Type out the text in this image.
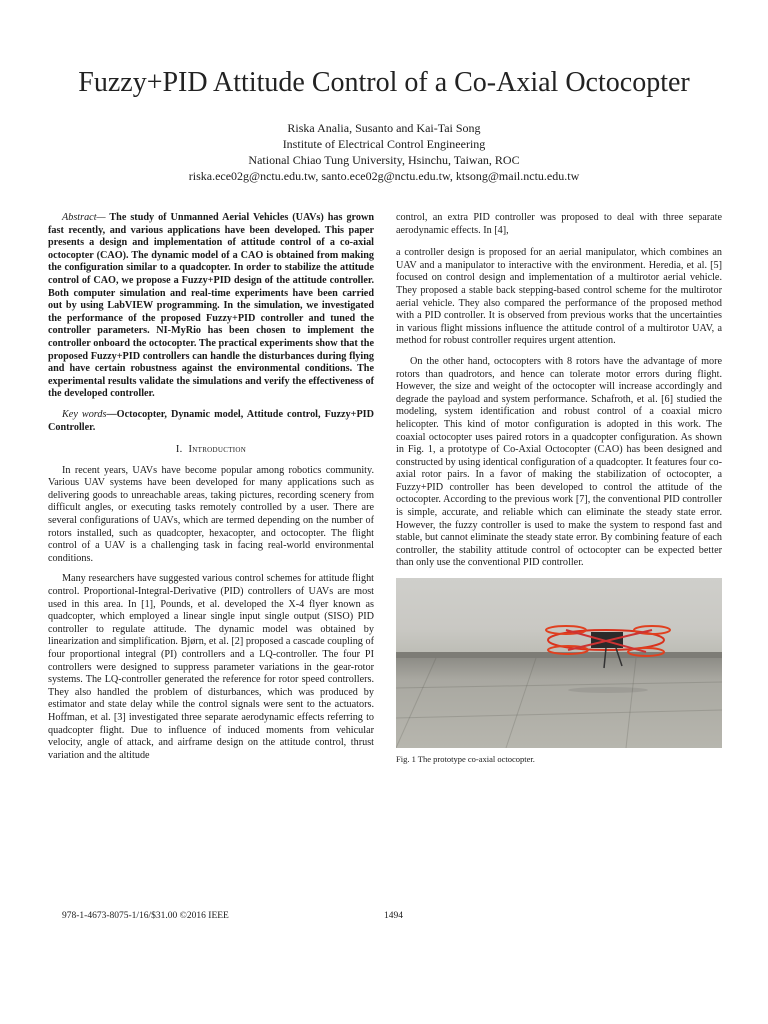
Fuzzy+PID Attitude Control of a Co-Axial Octocopter
Riska Analia, Susanto and Kai-Tai Song
Institute of Electrical Control Engineering
National Chiao Tung University, Hsinchu, Taiwan, ROC
riska.ece02g@nctu.edu.tw, santo.ece02g@nctu.edu.tw, ktsong@mail.nctu.edu.tw

Abstract— The study of Unmanned Aerial Vehicles (UAVs) has grown fast recently, and various applications have been developed. This paper presents a design and implementation of attitude control of a co-axial octocopter (CAO). The dynamic model of a CAO is obtained from making the configuration similar to a quadcopter. In order to stabilize the attitude control of CAO, we propose a Fuzzy+PID design of the attitude controller. Both computer simulation and real-time experiments have been carried out by using LabVIEW programming. In the simulation, we investigated the performance of the proposed Fuzzy+PID controller and tuned the controller parameters. NI-MyRio has been chosen to implement the controller onboard the octocopter. The practical experiments show that the proposed Fuzzy+PID controllers can handle the disturbances during flying and have certain robustness against the environmental conditions. The experimental results validate the simulations and verify the effectiveness of the developed controller.

Key words—Octocopter, Dynamic model, Attitude control, Fuzzy+PID Controller.

I. Introduction

In recent years, UAVs have become popular among robotics community. Various UAV systems have been developed for many applications such as delivering goods to unreachable areas, taking pictures, recording scenery from difficult angles, or executing tasks remotely controlled by a user. There are several configurations of UAVs, which are termed depending on the number of rotors installed, such as quadcopter, hexacopter, and octocopter. The flight control of a UAV is a challenging task in facing real-world environmental conditions.

Many researchers have suggested various control schemes for attitude flight control. Proportional-Integral-Derivative (PID) controllers of UAVs are most used in this area. In [1], Pounds, et al. developed the X-4 flyer known as quadcopter, which employed a linear single input single output (SISO) PID controller to regulate attitude. The dynamic model was obtained by linearization and simplification. Bjørn, et al. [2] proposed a cascade coupling of four proportional integral (PI) controllers and a LQ-controller. The four PI controllers were designed to suppress parameter variations in the gear-rotor systems. The LQ-controller generated the reference for rotor speed controllers. They also handled the problem of disturbances, which was produced by estimator and state delay while the control signals were sent to the actuators. Hoffman, et al. [3] investigated three separate aerodynamic effects referring to quadcopter flight. Due to influence of induced moments from vehicular velocity, angle of attack, and airframe design on the attitude control, thrust variation and the altitude

control, an extra PID controller was proposed to deal with three separate aerodynamic effects. In [4],

a controller design is proposed for an aerial manipulator, which combines an UAV and a manipulator to interactive with the environment. Heredia, et al. [5] focused on control design and implementation of a multirotor aerial vehicle. They proposed a stable back stepping-based control scheme for the multirotor aerial vehicle. They also compared the performance of the proposed method with a PID controller. It is observed from previous works that the uncertainties in various flight missions influence the attitude control of a multirotor UAV, a method for robust controller requires urgent attention.

On the other hand, octocopters with 8 rotors have the advantage of more rotors than quadrotors, and hence can tolerate motor errors during flight. However, the size and weight of the octocopter will increase accordingly and degrade the payload and system performance. Schafroth, et al. [6] studied the modeling, system identification and robust control of a coaxial micro helicopter. This kind of motor configuration is adopted in this work. The coaxial octocopter uses paired rotors in a quadcopter configuration. As shown in Fig. 1, a prototype of Co-Axial Octocopter (CAO) has been designed and constructed by using identical configuration of a quadcopter. It features four co-axial rotor pairs. In a favor of making the stabilization of octocopter, a Fuzzy+PID controller has been developed to control the attitude of the octocopter. According to the previous work [7], the conventional PID controller is simple, accurate, and reliable which can eliminate the steady state error. However, the fuzzy controller is used to make the system to respond fast and stable, but cannot eliminate the steady state error. By combining feature of each controller, the stability attitude control of octocopter can be expected better than only use the conventional PID controller.

Fig. 1 The prototype co-axial octocopter.
978-1-4673-8075-1/16/$31.00 ©2016 IEEE	1494
